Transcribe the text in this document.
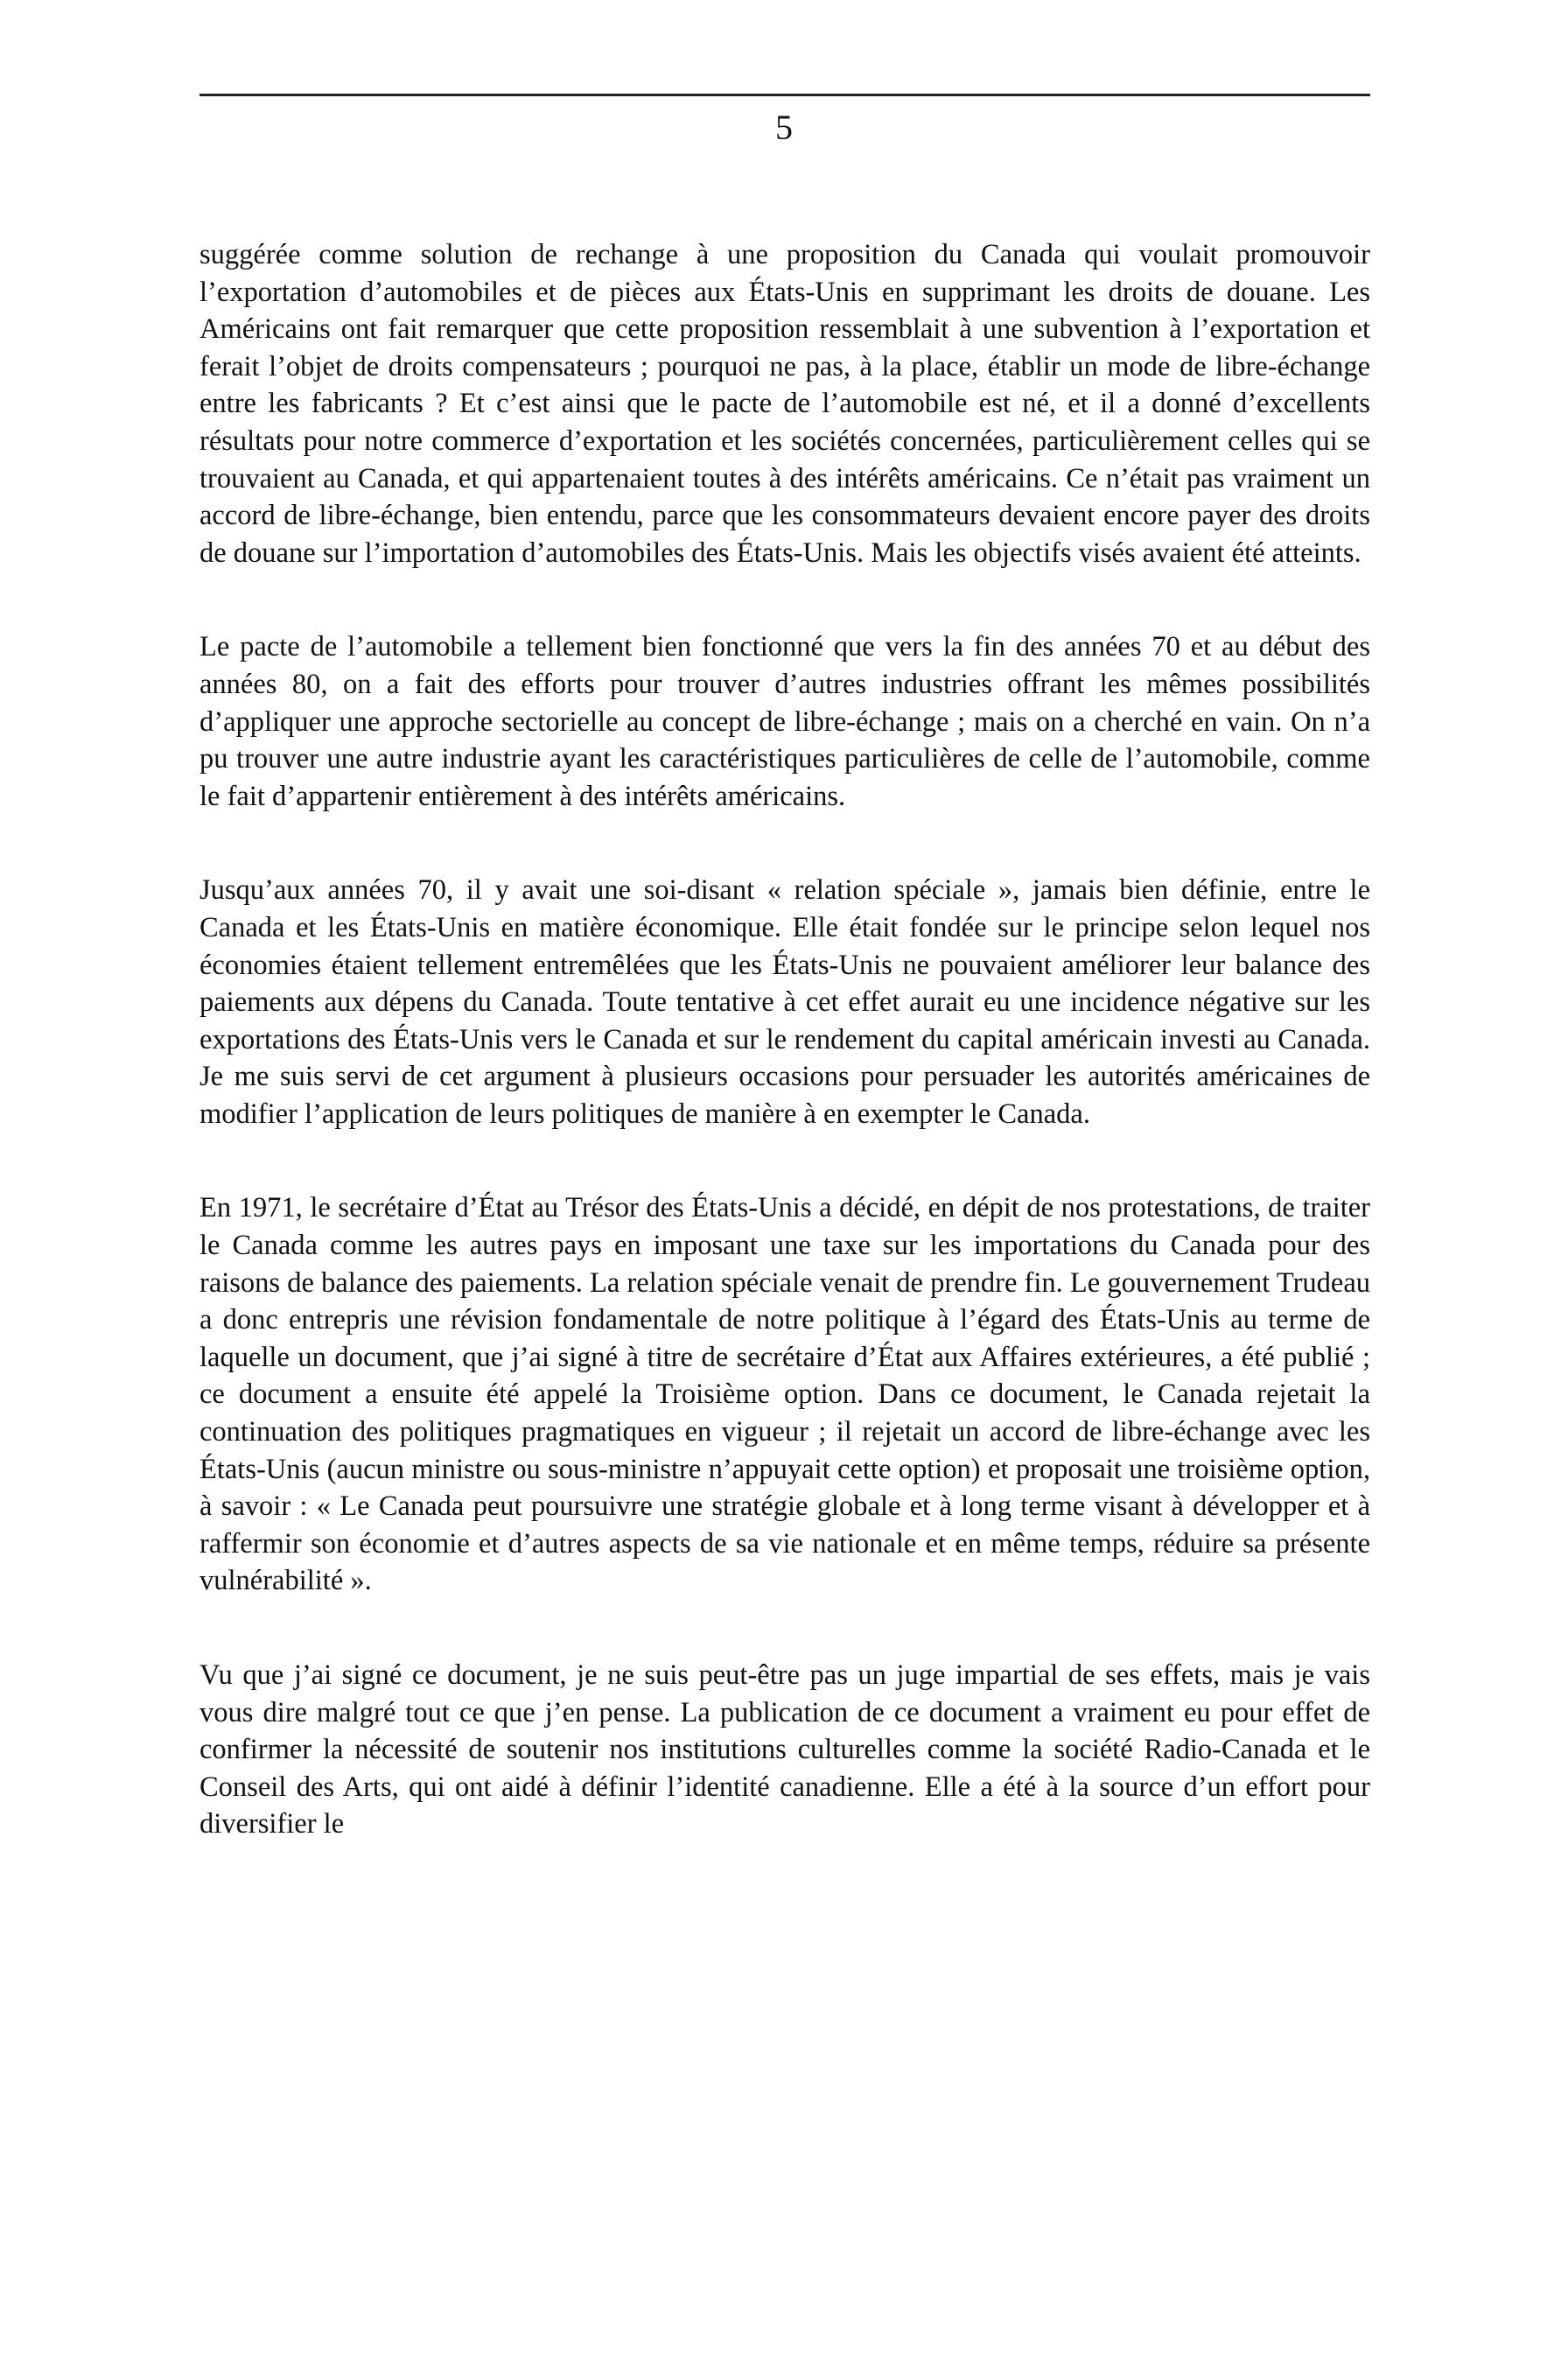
5

suggérée comme solution de rechange à une proposition du Canada qui voulait promouvoir l’exportation d’automobiles et de pièces aux États-Unis en supprimant les droits de douane. Les Américains ont fait remarquer que cette proposition ressemblait à une subvention à l’exportation et ferait l’objet de droits compensateurs ; pourquoi ne pas, à la place, établir un mode de libre-échange entre les fabricants ? Et c’est ainsi que le pacte de l’automobile est né, et il a donné d’excellents résultats pour notre commerce d’exportation et les sociétés concernées, particulièrement celles qui se trouvaient au Canada, et qui appartenaient toutes à des intérêts américains. Ce n’était pas vraiment un accord de libre-échange, bien entendu, parce que les consommateurs devaient encore payer des droits de douane sur l’importation d’automobiles des États-Unis. Mais les objectifs visés avaient été atteints.

Le pacte de l’automobile a tellement bien fonctionné que vers la fin des années 70 et au début des années 80, on a fait des efforts pour trouver d’autres industries offrant les mêmes possibilités d’appliquer une approche sectorielle au concept de libre-échange ; mais on a cherché en vain. On n’a pu trouver une autre industrie ayant les caractéristiques particulières de celle de l’automobile, comme le fait d’appartenir entièrement à des intérêts américains.

Jusqu’aux années 70, il y avait une soi-disant « relation spéciale », jamais bien définie, entre le Canada et les États-Unis en matière économique. Elle était fondée sur le principe selon lequel nos économies étaient tellement entremêlées que les États-Unis ne pouvaient améliorer leur balance des paiements aux dépens du Canada. Toute tentative à cet effet aurait eu une incidence négative sur les exportations des États-Unis vers le Canada et sur le rendement du capital américain investi au Canada. Je me suis servi de cet argument à plusieurs occasions pour persuader les autorités américaines de modifier l’application de leurs politiques de manière à en exempter le Canada.

En 1971, le secrétaire d’État au Trésor des États-Unis a décidé, en dépit de nos protestations, de traiter le Canada comme les autres pays en imposant une taxe sur les importations du Canada pour des raisons de balance des paiements. La relation spéciale venait de prendre fin. Le gouvernement Trudeau a donc entrepris une révision fondamentale de notre politique à l’égard des États-Unis au terme de laquelle un document, que j’ai signé à titre de secrétaire d’État aux Affaires extérieures, a été publié ; ce document a ensuite été appelé la Troisième option. Dans ce document, le Canada rejetait la continuation des politiques pragmatiques en vigueur ; il rejetait un accord de libre-échange avec les États-Unis (aucun ministre ou sous-ministre n’appuyait cette option) et proposait une troisième option, à savoir : « Le Canada peut poursuivre une stratégie globale et à long terme visant à développer et à raffermir son économie et d’autres aspects de sa vie nationale et en même temps, réduire sa présente vulnérabilité ».

Vu que j’ai signé ce document, je ne suis peut-être pas un juge impartial de ses effets, mais je vais vous dire malgré tout ce que j’en pense. La publication de ce document a vraiment eu pour effet de confirmer la nécessité de soutenir nos institutions culturelles comme la société Radio-Canada et le Conseil des Arts, qui ont aidé à définir l’identité canadienne. Elle a été à la source d’un effort pour diversifier le
